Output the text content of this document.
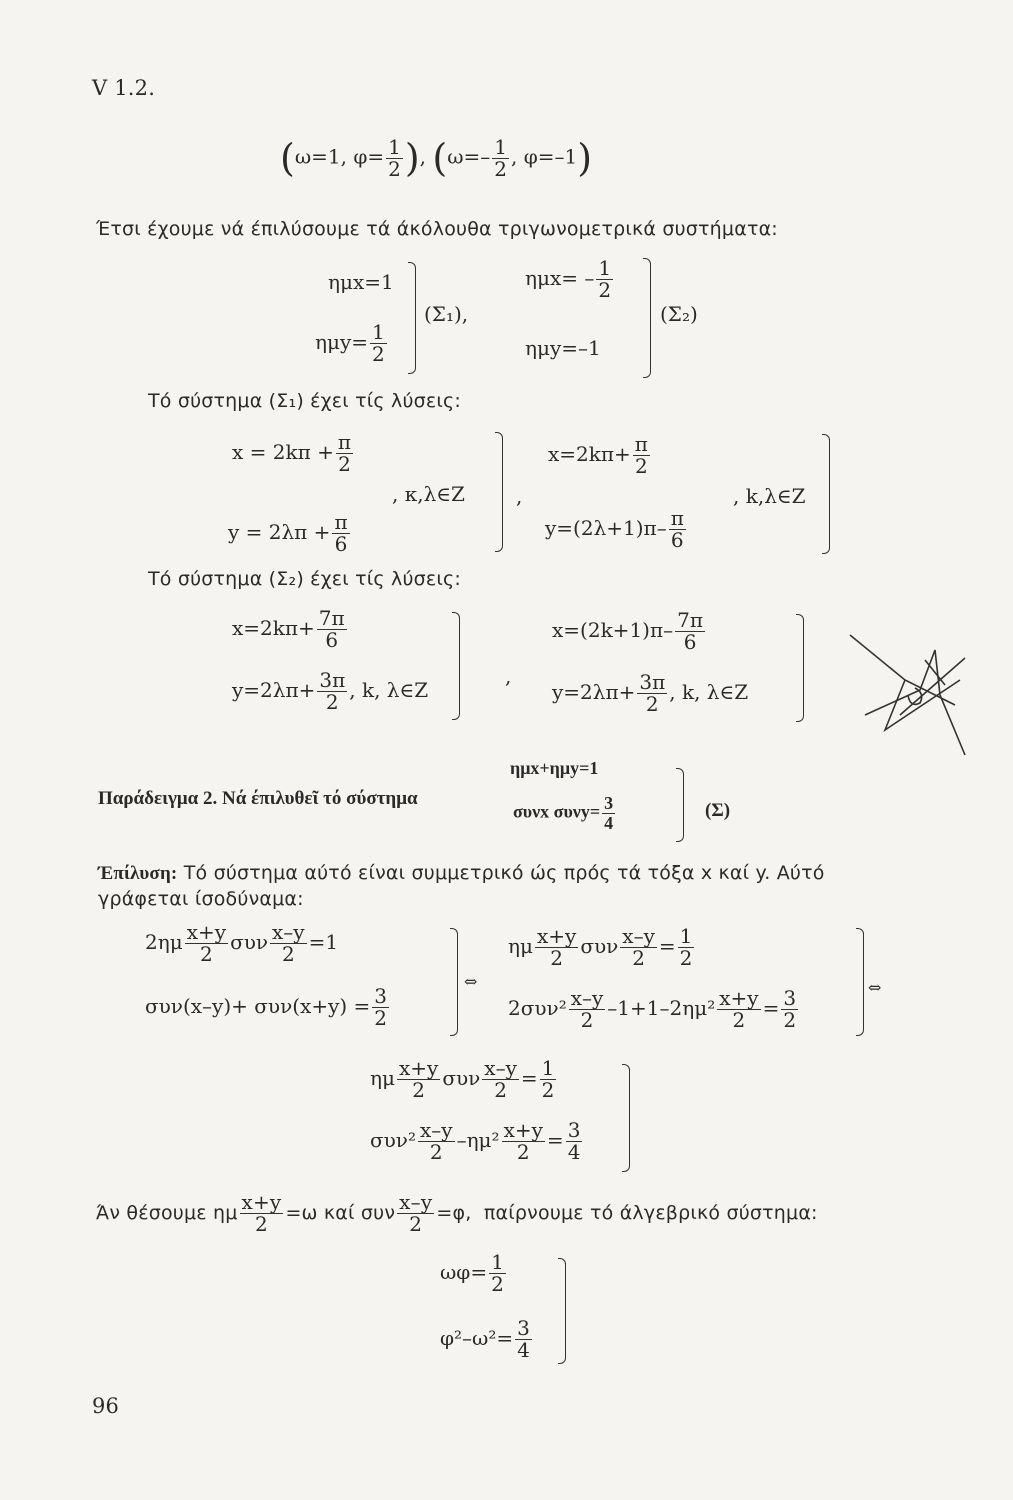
V 1.2.
(ω=1, $\varphi= \frac{1}{2}$ ), ($\omega=- \frac{1}{2}$ , φ=–1)
Έτσι έχουμε νά έπιλύσουμε τά άκόλουθα τριγωνομετρικά συστήματα:
ημx=1
$\eta\mu y= \frac{1}{2}$
(Σ₁),
$\eta\mu x= - \frac{1}{2}$
ημy=–1
(Σ₂)
Τό σύστημα (Σ₁) έχει τίς λύσεις:
$x = 2k\pi + \frac{\pi}{2}$
, κ,λ∈Z
$y = 2\lambda\pi + \frac{\pi}{6}$
,
$x=2k\pi+ \frac{\pi}{2}$
, k,λ∈Z
$y=(2\lambda+1)\pi- \frac{\pi}{6}$
Τό σύστημα (Σ₂) έχει τίς λύσεις:
$x=2k\pi+ \frac{7\pi}{6}$
$y=2\lambda\pi+ \frac{3\pi}{2}$ , k, λ∈Z
,
$x=(2k+1)\pi- \frac{7\pi}{6}$
$y=2\lambda\pi+ \frac{3\pi}{2}$ , k, λ∈Z
ημx+ημy=1
Παράδειγμα 2. Νά έπιλυθεῖ τό σύστημα
συνx $\sigma\upsilon\nu y= \frac{3}{4}$	(Σ)
Έπίλυση: Τό σύστημα αύτό είναι συμμετρικό ώς πρός τά τόξα x καί y. Αύτό
γράφεται ίσοδύναμα:
$2\eta\mu \frac{x+y}{2}$ συν $\frac{x-y}{2} =1$
$\sigma\upsilon\nu(x-y)+ \sigma\upsilon\nu(x+y) = \frac{3}{2}$
⇔
ημ $\frac{x+y}{2}$ συν $\frac{x-y}{2} = \frac{1}{2}$
$2\sigma\upsilon\nu^2 \frac{x-y}{2} -1+1-2\eta\mu^2 \frac{x+y}{2} = \frac{3}{2}$
⇔
ημ $\frac{x+y}{2}$ συν $\frac{x-y}{2} = \frac{1}{2}$
$\sigma\upsilon\nu^2 \frac{x-y}{2} -\eta\mu^2 \frac{x+y}{2} = \frac{3}{4}$
Άν θέσουμε ημ $\frac{x+y}{2} =\omega$ καί συν $\frac{x-y}{2} =\varphi$, παίρνουμε τό άλγεβρικό σύστημα:
$\omega\varphi= \frac{1}{2}$
$\varphi^2-\omega^2= \frac{3}{4}$
96
